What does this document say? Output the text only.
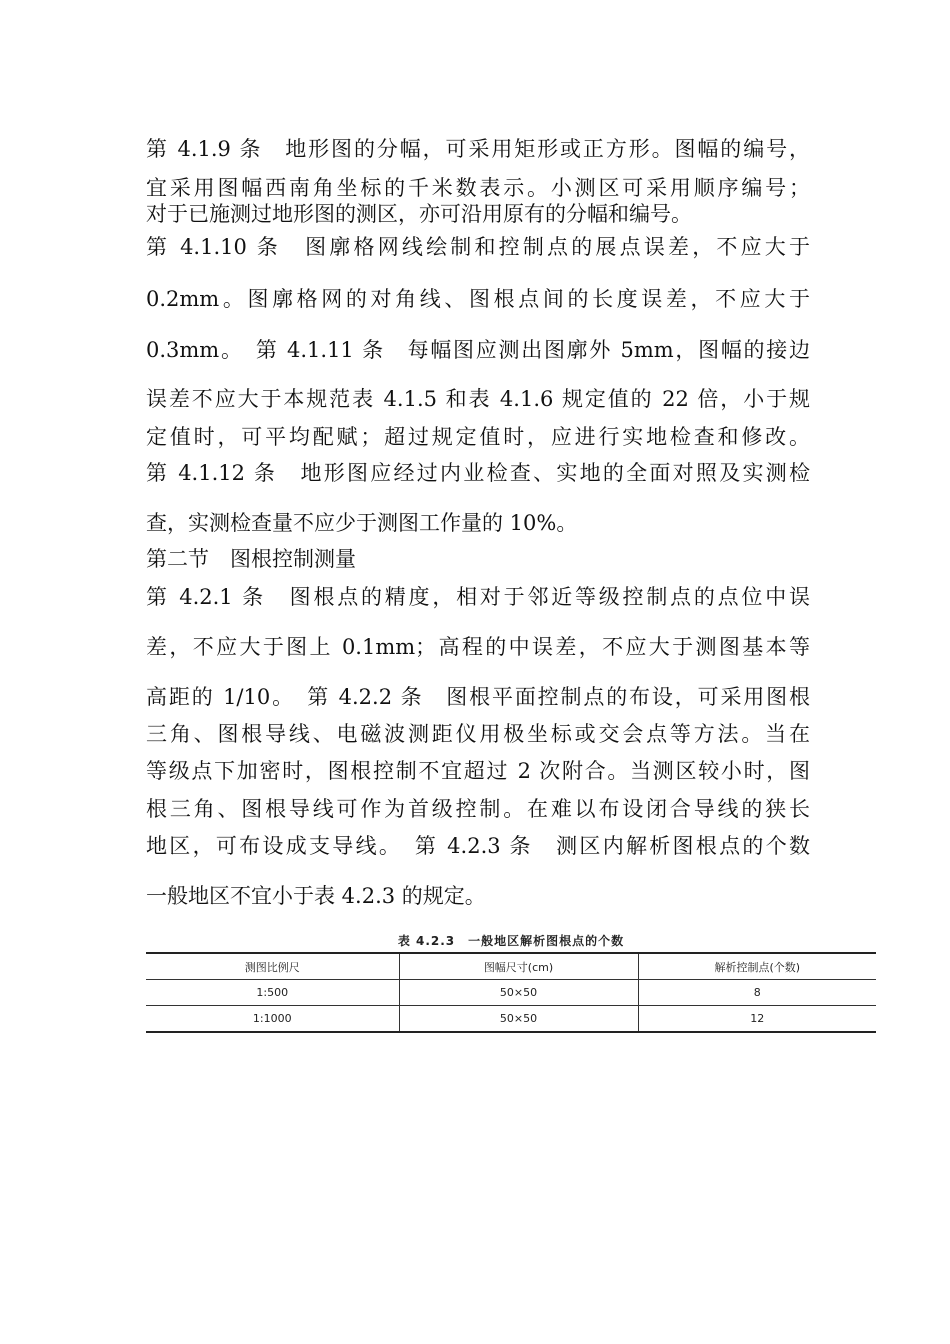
第 4.1.9 条　地形图的分幅，可采用矩形或正方形。图幅的编号，
宜采用图幅西南角坐标的千米数表示。小测区可采用顺序编号；
对于已施测过地形图的测区，亦可沿用原有的分幅和编号。
第 4.1.10 条　图廓格网线绘制和控制点的展点误差，不应大于
0.2mm。图廓格网的对角线、图根点间的长度误差，不应大于
0.3mm。　第 4.1.11 条　每幅图应测出图廓外 5mm，图幅的接边
误差不应大于本规范表 4.1.5 和表 4.1.6 规定值的 22 倍，小于规
定值时，可平均配赋；超过规定值时，应进行实地检查和修改。
第 4.1.12 条　地形图应经过内业检查、实地的全面对照及实测检
查，实测检查量不应少于测图工作量的 10%。
第二节　图根控制测量
第 4.2.1 条　图根点的精度，相对于邻近等级控制点的点位中误
差，不应大于图上 0.1mm；高程的中误差，不应大于测图基本等
高距的 1/10。　第 4.2.2 条　图根平面控制点的布设，可采用图根
三角、图根导线、电磁波测距仪用极坐标或交会点等方法。当在
等级点下加密时，图根控制不宜超过 2 次附合。当测区较小时，图
根三角、图根导线可作为首级控制。在难以布设闭合导线的狭长
地区，可布设成支导线。　第 4.2.3 条　测区内解析图根点的个数
一般地区不宜小于表 4.2.3 的规定。
表 4.2.3　一般地区解析图根点的个数
测图比例尺	图幅尺寸(cm)	解析控制点(个数)
1:500	50×50	8
1:1000	50×50	12
